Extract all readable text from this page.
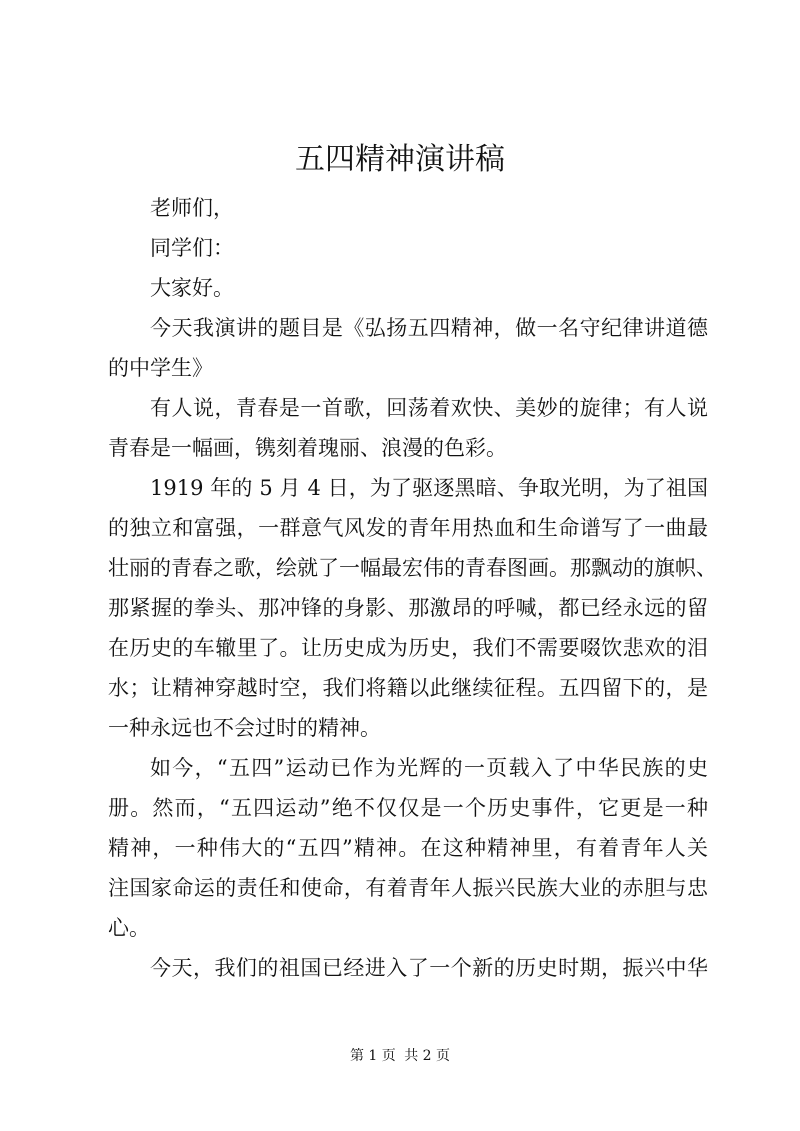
五四精神演讲稿
老师们，
同学们：
大家好。
今天我演讲的题目是《弘扬五四精神，做一名守纪律讲道德
的中学生》
有人说，青春是一首歌，回荡着欢快、美妙的旋律；有人说
青春是一幅画，镌刻着瑰丽、浪漫的色彩。
1919 年的 5 月 4 日，为了驱逐黑暗、争取光明，为了祖国
的独立和富强，一群意气风发的青年用热血和生命谱写了一曲最
壮丽的青春之歌，绘就了一幅最宏伟的青春图画。那飘动的旗帜、
那紧握的拳头、那冲锋的身影、那激昂的呼喊，都已经永远的留
在历史的车辙里了。让历史成为历史，我们不需要啜饮悲欢的泪
水；让精神穿越时空，我们将籍以此继续征程。五四留下的，是
一种永远也不会过时的精神。
如今，“五四”运动已作为光辉的一页载入了中华民族的史
册。然而，“五四运动”绝不仅仅是一个历史事件，它更是一种
精神，一种伟大的“五四”精神。在这种精神里，有着青年人关
注国家命运的责任和使命，有着青年人振兴民族大业的赤胆与忠
心。
今天，我们的祖国已经进入了一个新的历史时期，振兴中华
第 1 页 共 2 页
